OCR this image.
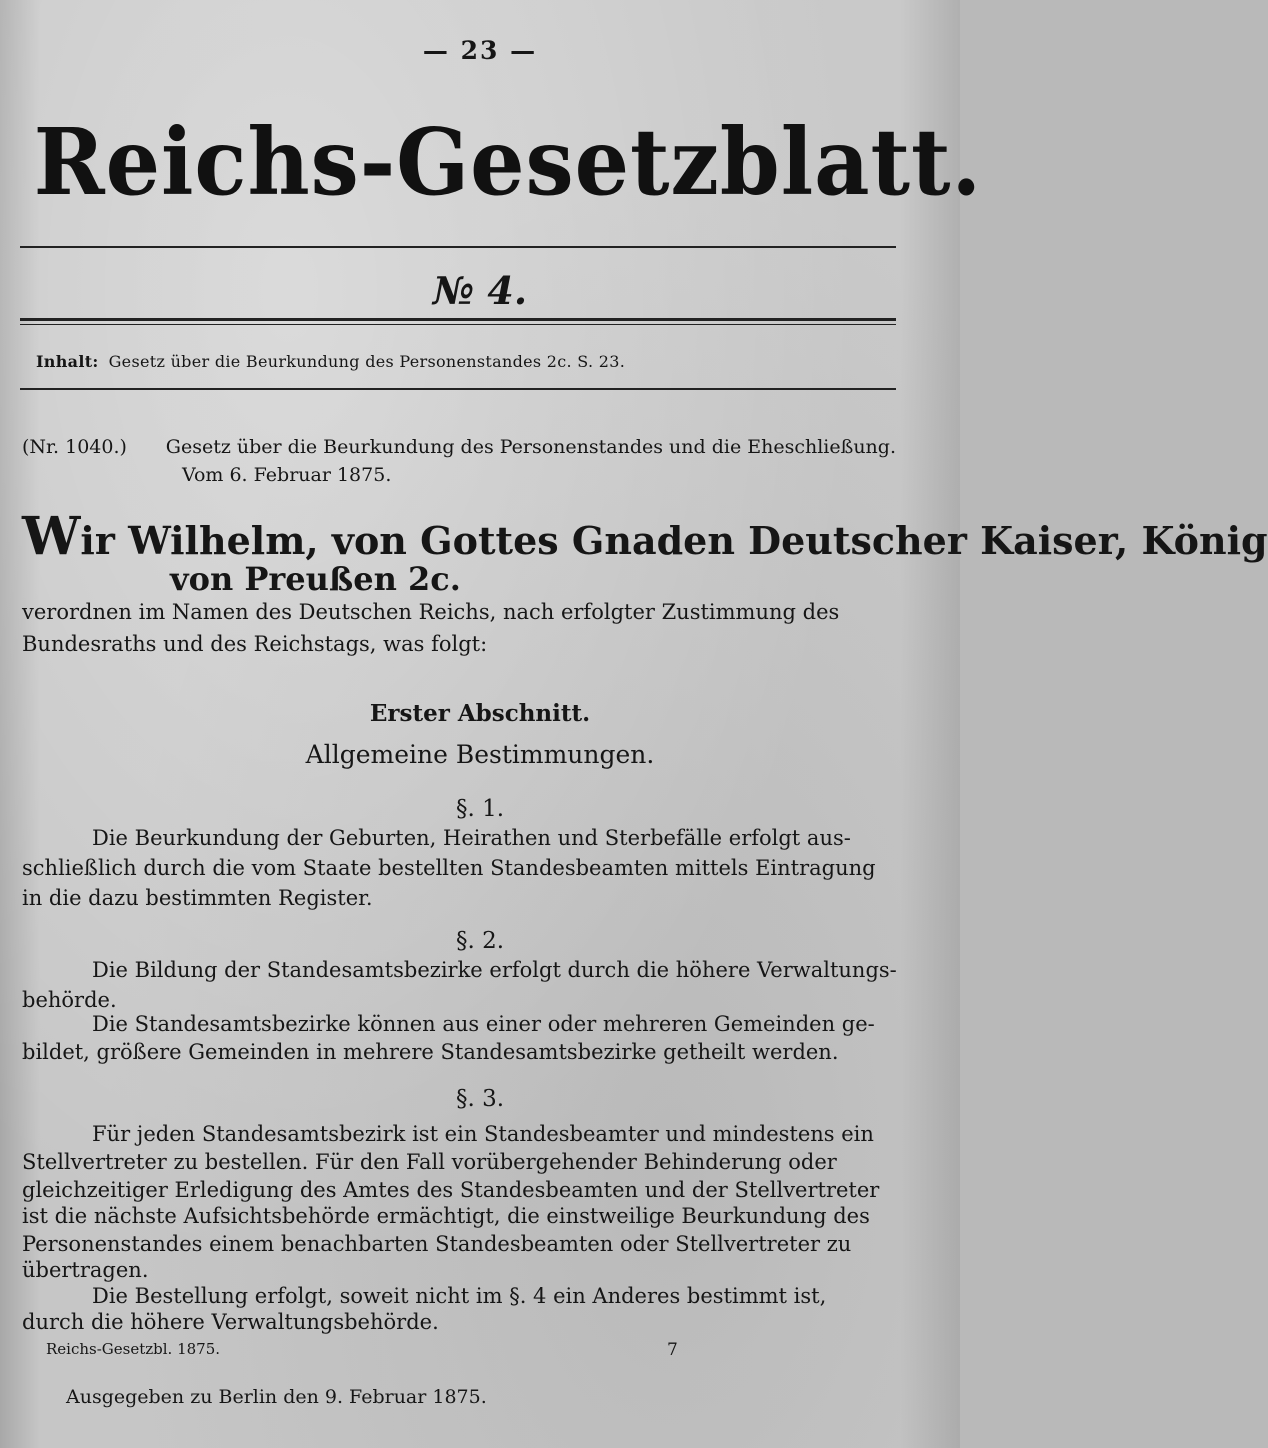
— 23 —
Reichs-Gesetzblatt.
№ 4.
Inhalt: Gesetz über die Beurkundung des Personenstandes 2c. S. 23.
(Nr. 1040.) Gesetz über die Beurkundung des Personenstandes und die Eheschließung.
Vom 6. Februar 1875.
Wir Wilhelm, von Gottes Gnaden Deutscher Kaiser, König
von Preußen 2c.
verordnen im Namen des Deutschen Reichs, nach erfolgter Zustimmung des
Bundesraths und des Reichstags, was folgt:
Erster Abschnitt.
Allgemeine Bestimmungen.
§. 1.
Die Beurkundung der Geburten, Heirathen und Sterbefälle erfolgt aus-
schließlich durch die vom Staate bestellten Standesbeamten mittels Eintragung
in die dazu bestimmten Register.
§. 2.
Die Bildung der Standesamtsbezirke erfolgt durch die höhere Verwaltungs-
behörde.
Die Standesamtsbezirke können aus einer oder mehreren Gemeinden ge-
bildet, größere Gemeinden in mehrere Standesamtsbezirke getheilt werden.
§. 3.
Für jeden Standesamtsbezirk ist ein Standesbeamter und mindestens ein
Stellvertreter zu bestellen. Für den Fall vorübergehender Behinderung oder
gleichzeitiger Erledigung des Amtes des Standesbeamten und der Stellvertreter
ist die nächste Aufsichtsbehörde ermächtigt, die einstweilige Beurkundung des
Personenstandes einem benachbarten Standesbeamten oder Stellvertreter zu
übertragen.
Die Bestellung erfolgt, soweit nicht im §. 4 ein Anderes bestimmt ist,
durch die höhere Verwaltungsbehörde.
Reichs-Gesetzbl. 1875.	7
Ausgegeben zu Berlin den 9. Februar 1875.
